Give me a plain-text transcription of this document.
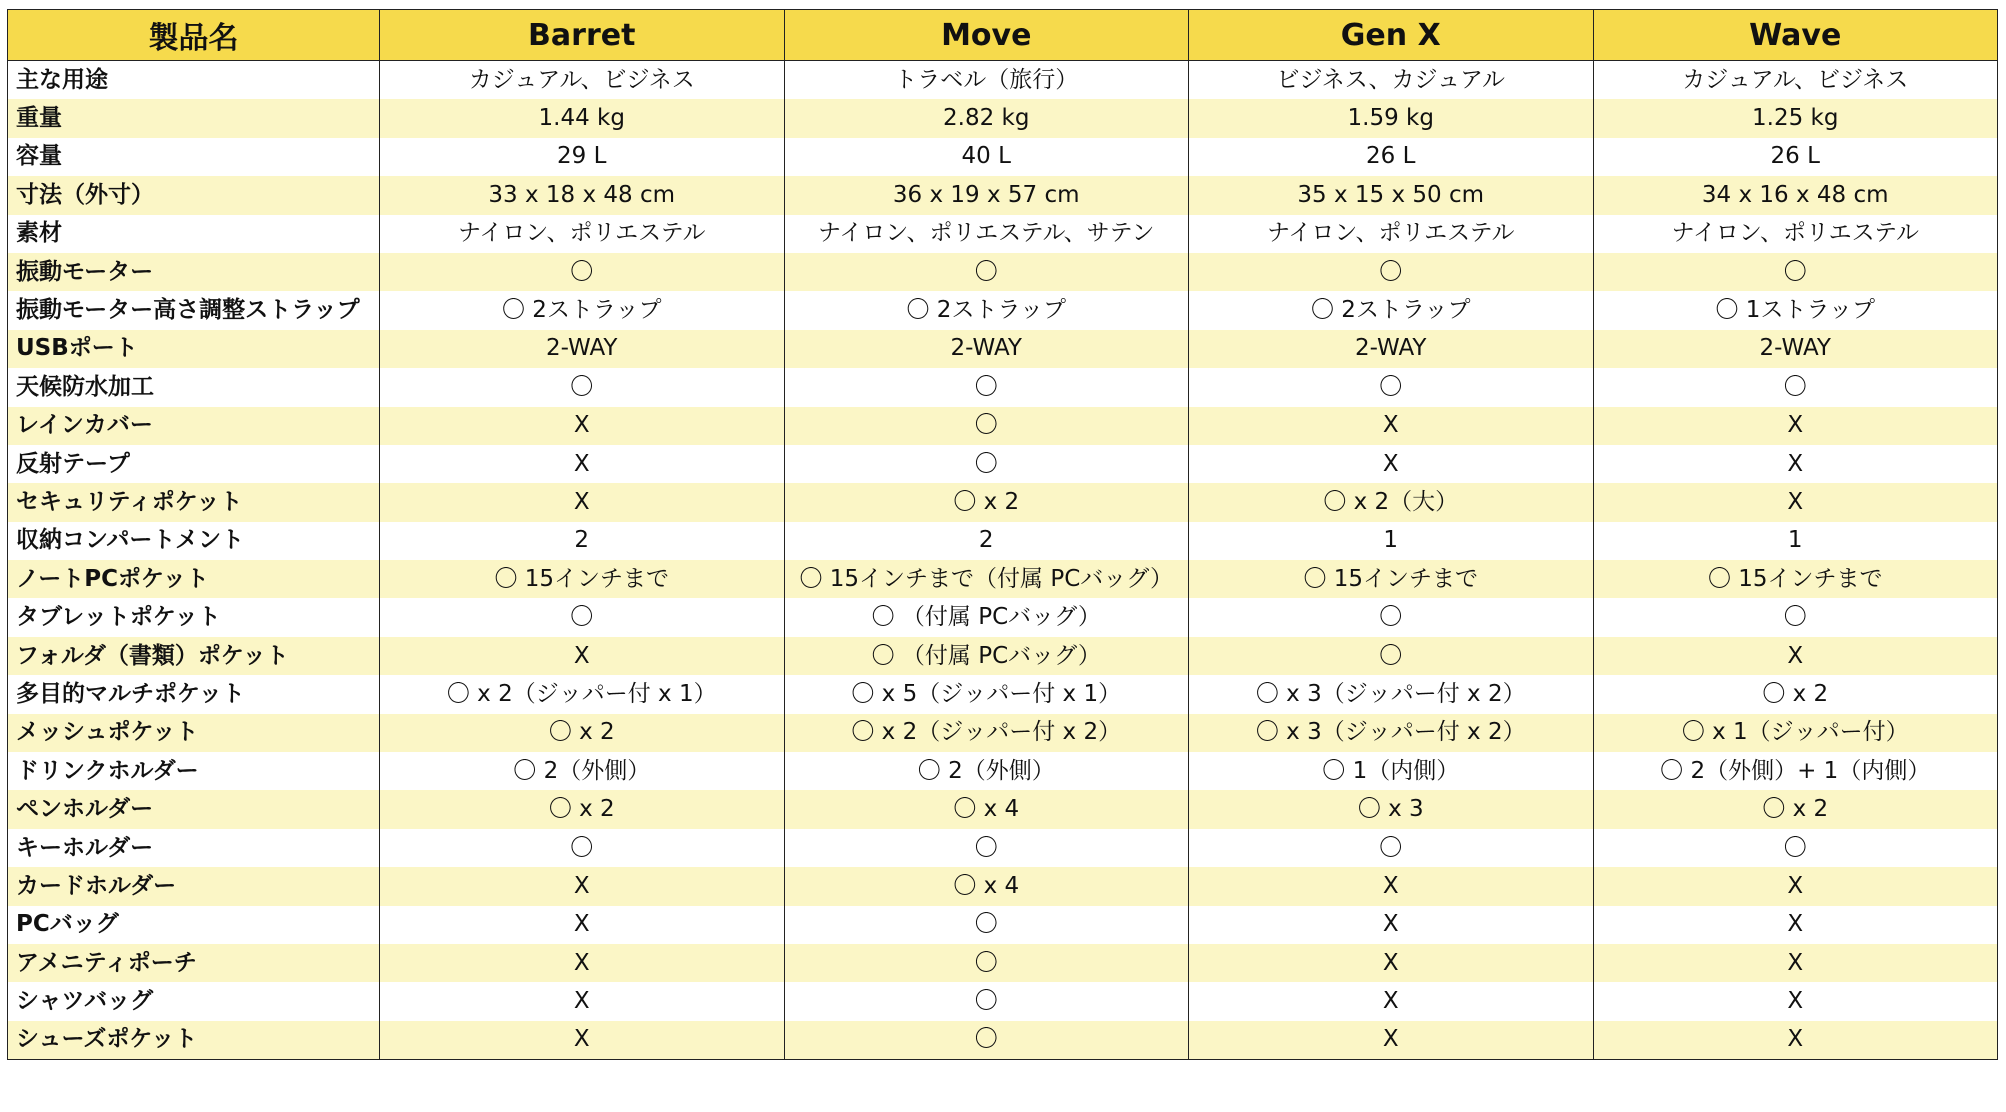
製品名	Barret	Move	Gen X	Wave
主な用途	カジュアル、ビジネス	トラベル（旅行）	ビジネス、カジュアル	カジュアル、ビジネス
重量	1.44 kg	2.82 kg	1.59 kg	1.25 kg
容量	29 L	40 L	26 L	26 L
寸法（外寸）	33 x 18 x 48 cm	36 x 19 x 57 cm	35 x 15 x 50 cm	34 x 16 x 48 cm
素材	ナイロン、ポリエステル	ナイロン、ポリエステル、サテン	ナイロン、ポリエステル	ナイロン、ポリエステル
振動モーター	〇	〇	〇	〇
振動モーター高さ調整ストラップ	〇 2ストラップ	〇 2ストラップ	〇 2ストラップ	〇 1ストラップ
USBポート	2-WAY	2-WAY	2-WAY	2-WAY
天候防水加工	〇	〇	〇	〇
レインカバー	X	〇	X	X
反射テープ	X	〇	X	X
セキュリティポケット	X	〇 x 2	〇 x 2（大）	X
収納コンパートメント	2	2	1	1
ノートPCポケット	〇 15インチまで	〇 15インチまで（付属 PCバッグ）	〇 15インチまで	〇 15インチまで
タブレットポケット	〇	〇 （付属 PCバッグ）	〇	〇
フォルダ（書類）ポケット	X	〇 （付属 PCバッグ）	〇	X
多目的マルチポケット	〇 x 2（ジッパー付 x 1）	〇 x 5（ジッパー付 x 1）	〇 x 3（ジッパー付 x 2）	〇 x 2
メッシュポケット	〇 x 2	〇 x 2（ジッパー付 x 2）	〇 x 3（ジッパー付 x 2）	〇 x 1（ジッパー付）
ドリンクホルダー	〇 2（外側）	〇 2（外側）	〇 1（内側）	〇 2（外側）+ 1（内側）
ペンホルダー	〇 x 2	〇 x 4	〇 x 3	〇 x 2
キーホルダー	〇	〇	〇	〇
カードホルダー	X	〇 x 4	X	X
PCバッグ	X	〇	X	X
アメニティポーチ	X	〇	X	X
シャツバッグ	X	〇	X	X
シューズポケット	X	〇	X	X
